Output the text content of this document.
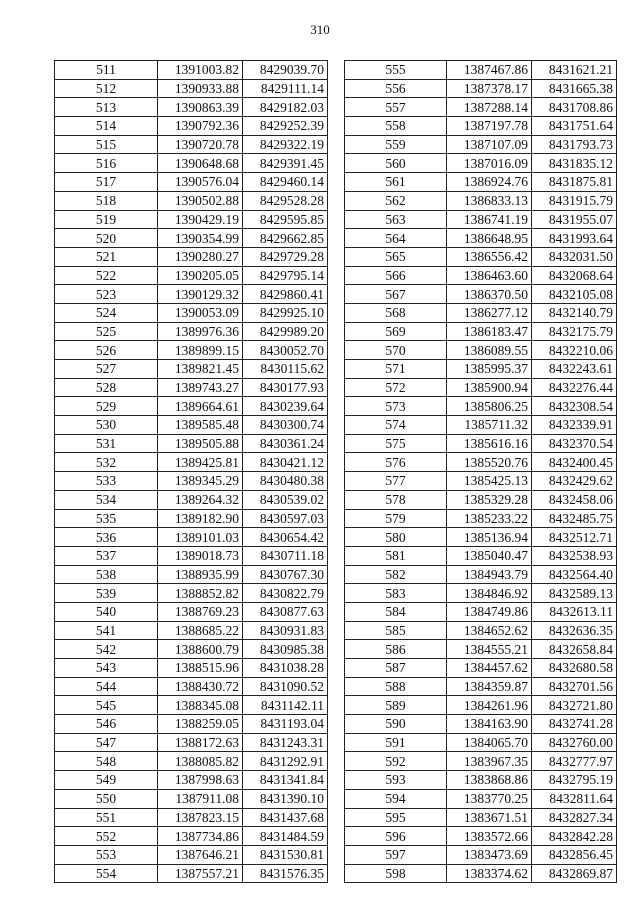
310
511	1391003.82	8429039.70
512	1390933.88	8429111.14
513	1390863.39	8429182.03
514	1390792.36	8429252.39
515	1390720.78	8429322.19
516	1390648.68	8429391.45
517	1390576.04	8429460.14
518	1390502.88	8429528.28
519	1390429.19	8429595.85
520	1390354.99	8429662.85
521	1390280.27	8429729.28
522	1390205.05	8429795.14
523	1390129.32	8429860.41
524	1390053.09	8429925.10
525	1389976.36	8429989.20
526	1389899.15	8430052.70
527	1389821.45	8430115.62
528	1389743.27	8430177.93
529	1389664.61	8430239.64
530	1389585.48	8430300.74
531	1389505.88	8430361.24
532	1389425.81	8430421.12
533	1389345.29	8430480.38
534	1389264.32	8430539.02
535	1389182.90	8430597.03
536	1389101.03	8430654.42
537	1389018.73	8430711.18
538	1388935.99	8430767.30
539	1388852.82	8430822.79
540	1388769.23	8430877.63
541	1388685.22	8430931.83
542	1388600.79	8430985.38
543	1388515.96	8431038.28
544	1388430.72	8431090.52
545	1388345.08	8431142.11
546	1388259.05	8431193.04
547	1388172.63	8431243.31
548	1388085.82	8431292.91
549	1387998.63	8431341.84
550	1387911.08	8431390.10
551	1387823.15	8431437.68
552	1387734.86	8431484.59
553	1387646.21	8431530.81
554	1387557.21	8431576.35
555	1387467.86	8431621.21
556	1387378.17	8431665.38
557	1387288.14	8431708.86
558	1387197.78	8431751.64
559	1387107.09	8431793.73
560	1387016.09	8431835.12
561	1386924.76	8431875.81
562	1386833.13	8431915.79
563	1386741.19	8431955.07
564	1386648.95	8431993.64
565	1386556.42	8432031.50
566	1386463.60	8432068.64
567	1386370.50	8432105.08
568	1386277.12	8432140.79
569	1386183.47	8432175.79
570	1386089.55	8432210.06
571	1385995.37	8432243.61
572	1385900.94	8432276.44
573	1385806.25	8432308.54
574	1385711.32	8432339.91
575	1385616.16	8432370.54
576	1385520.76	8432400.45
577	1385425.13	8432429.62
578	1385329.28	8432458.06
579	1385233.22	8432485.75
580	1385136.94	8432512.71
581	1385040.47	8432538.93
582	1384943.79	8432564.40
583	1384846.92	8432589.13
584	1384749.86	8432613.11
585	1384652.62	8432636.35
586	1384555.21	8432658.84
587	1384457.62	8432680.58
588	1384359.87	8432701.56
589	1384261.96	8432721.80
590	1384163.90	8432741.28
591	1384065.70	8432760.00
592	1383967.35	8432777.97
593	1383868.86	8432795.19
594	1383770.25	8432811.64
595	1383671.51	8432827.34
596	1383572.66	8432842.28
597	1383473.69	8432856.45
598	1383374.62	8432869.87
